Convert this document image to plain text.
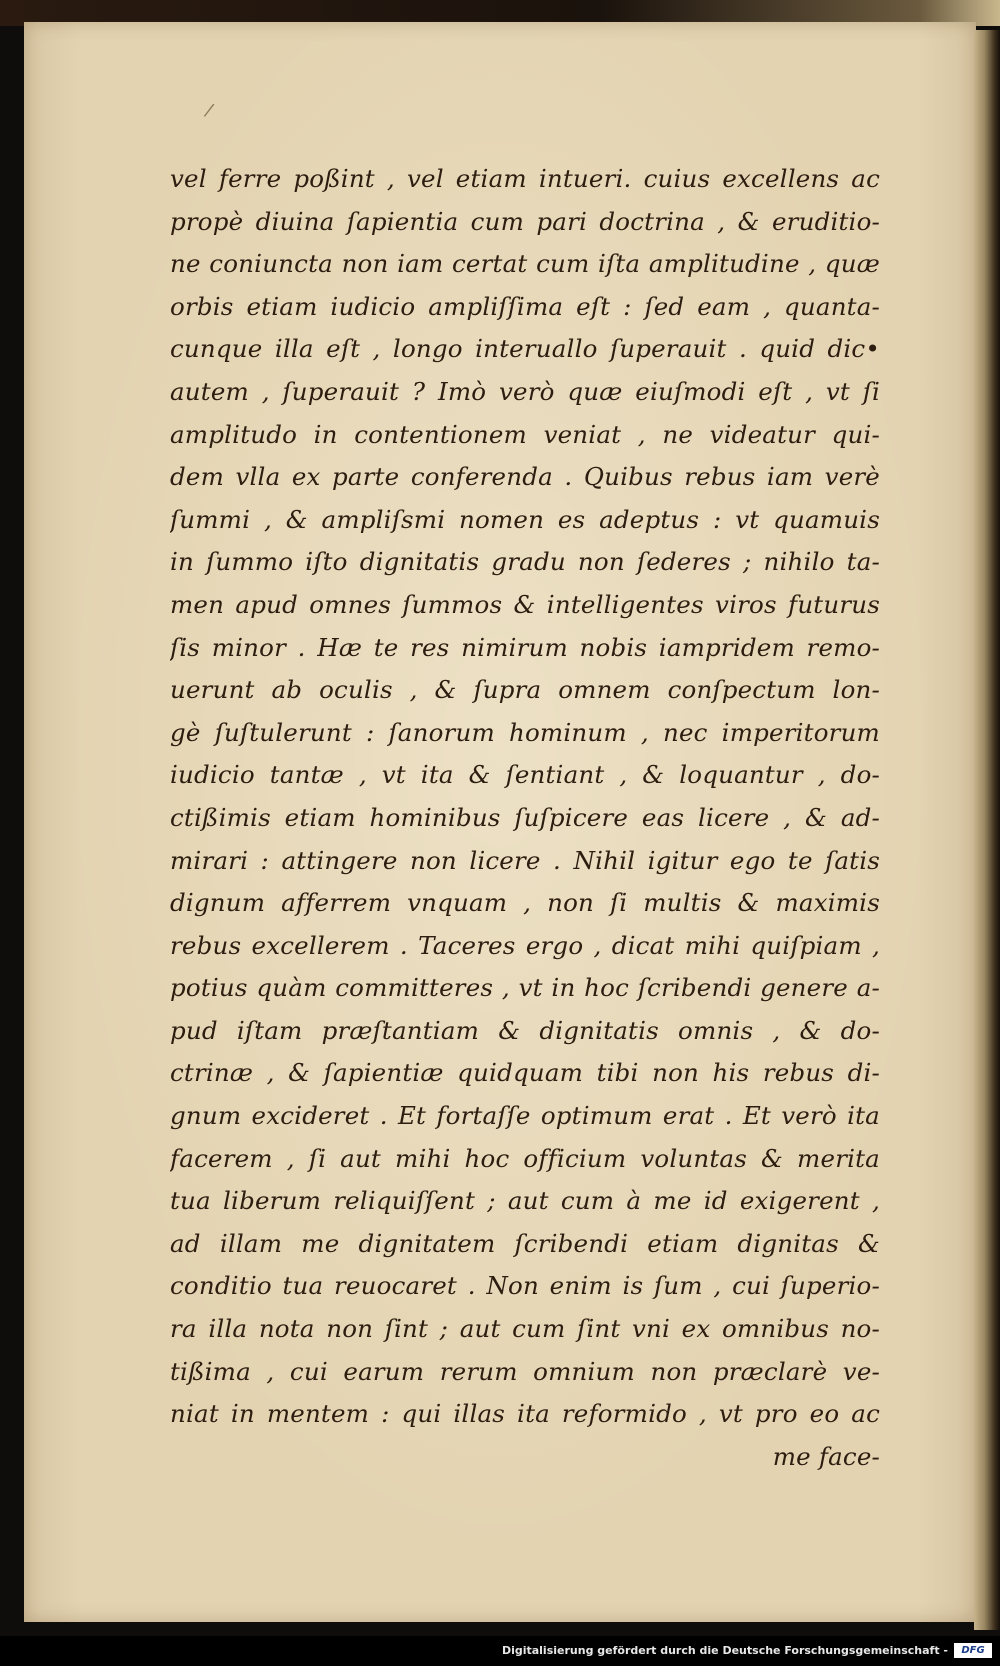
/
vel ferre poßint , vel etiam intueri. cuius excellens ac
propè diuina ſapientia cum pari doctrina , & eruditio-
ne coniuncta non iam certat cum iſta amplitudine , quæ
orbis etiam iudicio ampliſſima eſt : ſed eam , quanta-
cunque illa eſt , longo interuallo ſuperauit . quid dic•
autem , ſuperauit ? Imò verò quæ eiuſmodi eſt , vt ſi
amplitudo in contentionem veniat , ne videatur qui-
dem vlla ex parte conferenda . Quibus rebus iam verè
ſummi , & ampliſsmi nomen es adeptus : vt quamuis
in ſummo iſto dignitatis gradu non ſederes ; nihilo ta-
men apud omnes ſummos & intelligentes viros futurus
ſis minor . Hæ te res nimirum nobis iampridem remo-
uerunt ab oculis , & ſupra omnem conſpectum lon-
gè ſuſtulerunt : ſanorum hominum , nec imperitorum
iudicio tantæ , vt ita & ſentiant , & loquantur , do-
ctißimis etiam hominibus ſuſpicere eas licere , & ad-
mirari : attingere non licere . Nihil igitur ego te ſatis
dignum afferrem vnquam , non ſi multis & maximis
rebus excellerem . Taceres ergo , dicat mihi quiſpiam ,
potius quàm committeres , vt in hoc ſcribendi genere a-
pud iſtam præſtantiam & dignitatis omnis , & do-
ctrinæ , & ſapientiæ quidquam tibi non his rebus di-
gnum excideret . Et fortaſſe optimum erat . Et verò ita
facerem , ſi aut mihi hoc officium voluntas & merita
tua liberum reliquiſſent ; aut cum à me id exigerent ,
ad illam me dignitatem ſcribendi etiam dignitas &
conditio tua reuocaret . Non enim is ſum , cui ſuperio-
ra illa nota non ſint ; aut cum ſint vni ex omnibus no-
tißima , cui earum rerum omnium non præclarè ve-
niat in mentem : qui illas ita reformido , vt pro eo ac
me face-
Digitalisierung gefördert durch die Deutsche Forschungsgemeinschaft -	DFG
